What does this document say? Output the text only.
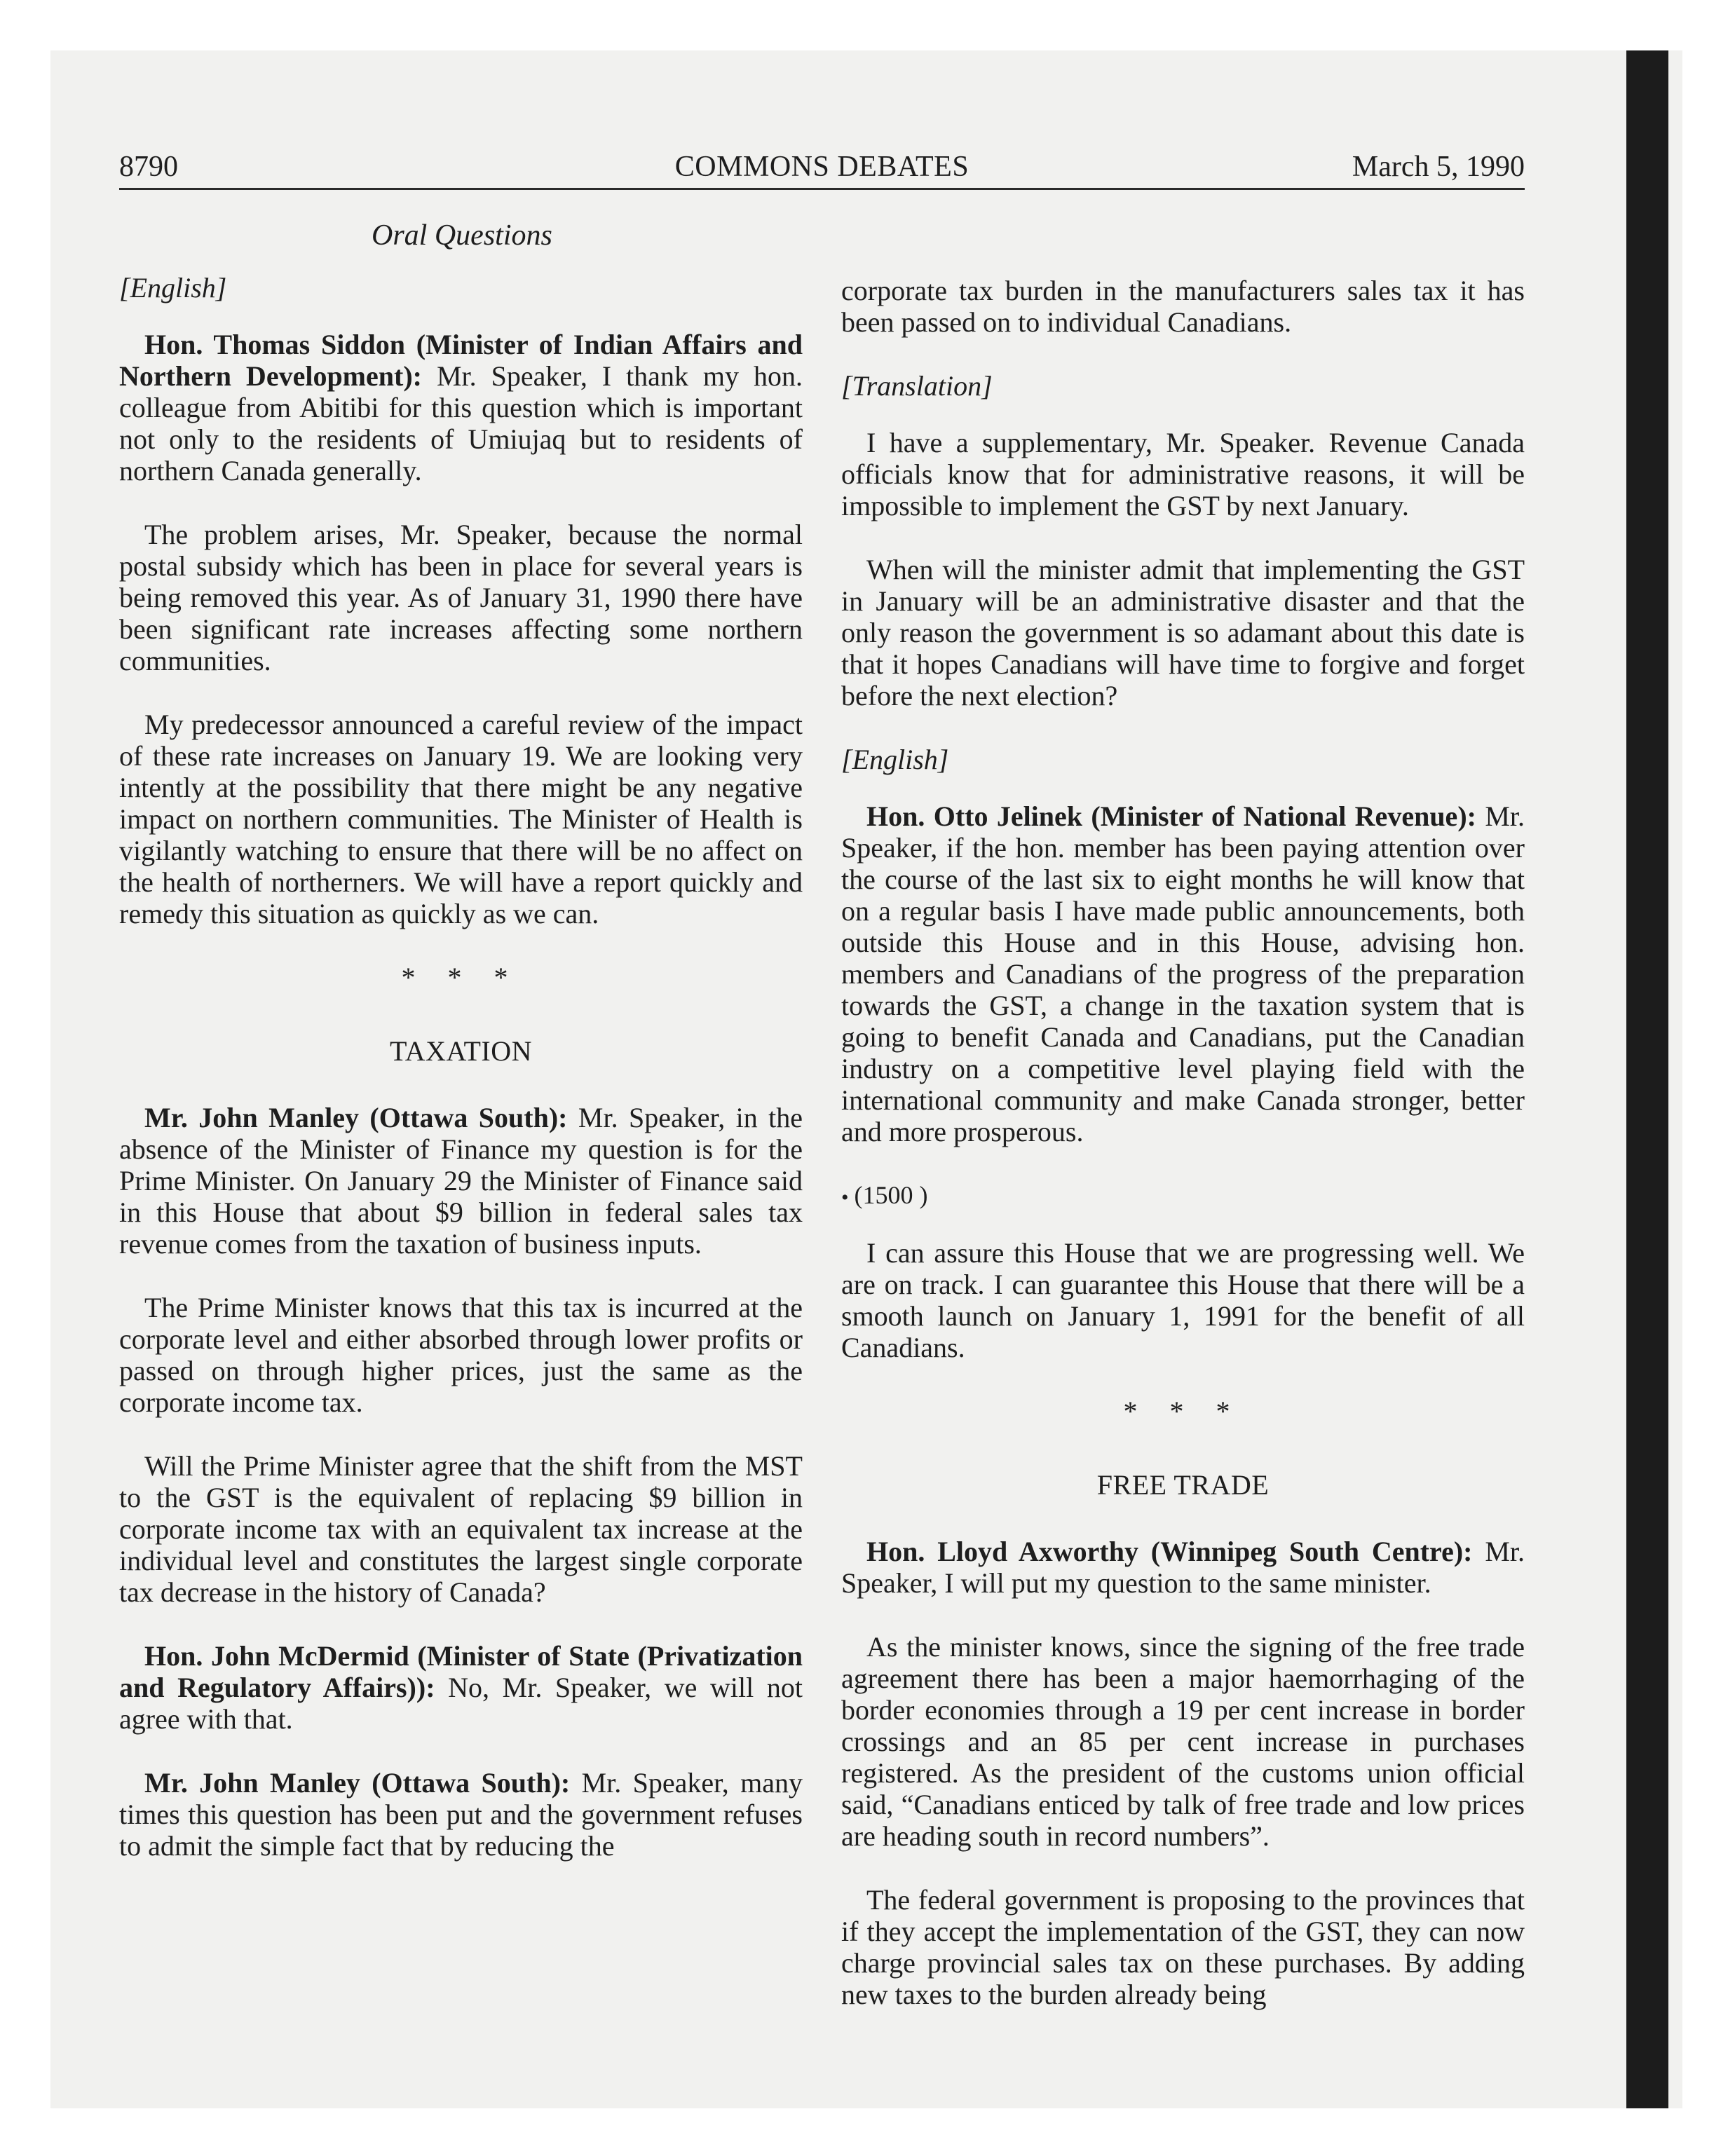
8790	COMMONS DEBATES	March 5, 1990
Oral Questions

[English]

Hon. Thomas Siddon (Minister of Indian Affairs and Northern Development): Mr. Speaker, I thank my hon. colleague from Abitibi for this question which is important not only to the residents of Umiujaq but to residents of northern Canada generally.

The problem arises, Mr. Speaker, because the normal postal subsidy which has been in place for several years is being removed this year. As of January 31, 1990 there have been significant rate increases affecting some northern communities.

My predecessor announced a careful review of the impact of these rate increases on January 19. We are looking very intently at the possibility that there might be any negative impact on northern communities. The Minister of Health is vigilantly watching to ensure that there will be no affect on the health of northerners. We will have a report quickly and remedy this situation as quickly as we can.

* * *

TAXATION

Mr. John Manley (Ottawa South): Mr. Speaker, in the absence of the Minister of Finance my question is for the Prime Minister. On January 29 the Minister of Finance said in this House that about $9 billion in federal sales tax revenue comes from the taxation of business inputs.

The Prime Minister knows that this tax is incurred at the corporate level and either absorbed through lower profits or passed on through higher prices, just the same as the corporate income tax.

Will the Prime Minister agree that the shift from the MST to the GST is the equivalent of replacing $9 billion in corporate income tax with an equivalent tax increase at the individual level and constitutes the largest single corporate tax decrease in the history of Canada?

Hon. John McDermid (Minister of State (Privatization and Regulatory Affairs)): No, Mr. Speaker, we will not agree with that.

Mr. John Manley (Ottawa South): Mr. Speaker, many times this question has been put and the government refuses to admit the simple fact that by reducing the

corporate tax burden in the manufacturers sales tax it has been passed on to individual Canadians.

[Translation]

I have a supplementary, Mr. Speaker. Revenue Canada officials know that for administrative reasons, it will be impossible to implement the GST by next January.

When will the minister admit that implementing the GST in January will be an administrative disaster and that the only reason the government is so adamant about this date is that it hopes Canadians will have time to forgive and forget before the next election?

[English]

Hon. Otto Jelinek (Minister of National Revenue): Mr. Speaker, if the hon. member has been paying attention over the course of the last six to eight months he will know that on a regular basis I have made public announcements, both outside this House and in this House, advising hon. members and Canadians of the progress of the preparation towards the GST, a change in the taxation system that is going to benefit Canada and Canadians, put the Canadian industry on a competitive level playing field with the international community and make Canada stronger, better and more prosperous.

• (1500 )

I can assure this House that we are progressing well. We are on track. I can guarantee this House that there will be a smooth launch on January 1, 1991 for the benefit of all Canadians.

* * *

FREE TRADE

Hon. Lloyd Axworthy (Winnipeg South Centre): Mr. Speaker, I will put my question to the same minister.

As the minister knows, since the signing of the free trade agreement there has been a major haemorrhaging of the border economies through a 19 per cent increase in border crossings and an 85 per cent increase in purchases registered. As the president of the customs union official said, “Canadians enticed by talk of free trade and low prices are heading south in record numbers”.

The federal government is proposing to the provinces that if they accept the implementation of the GST, they can now charge provincial sales tax on these purchases. By adding new taxes to the burden already being
